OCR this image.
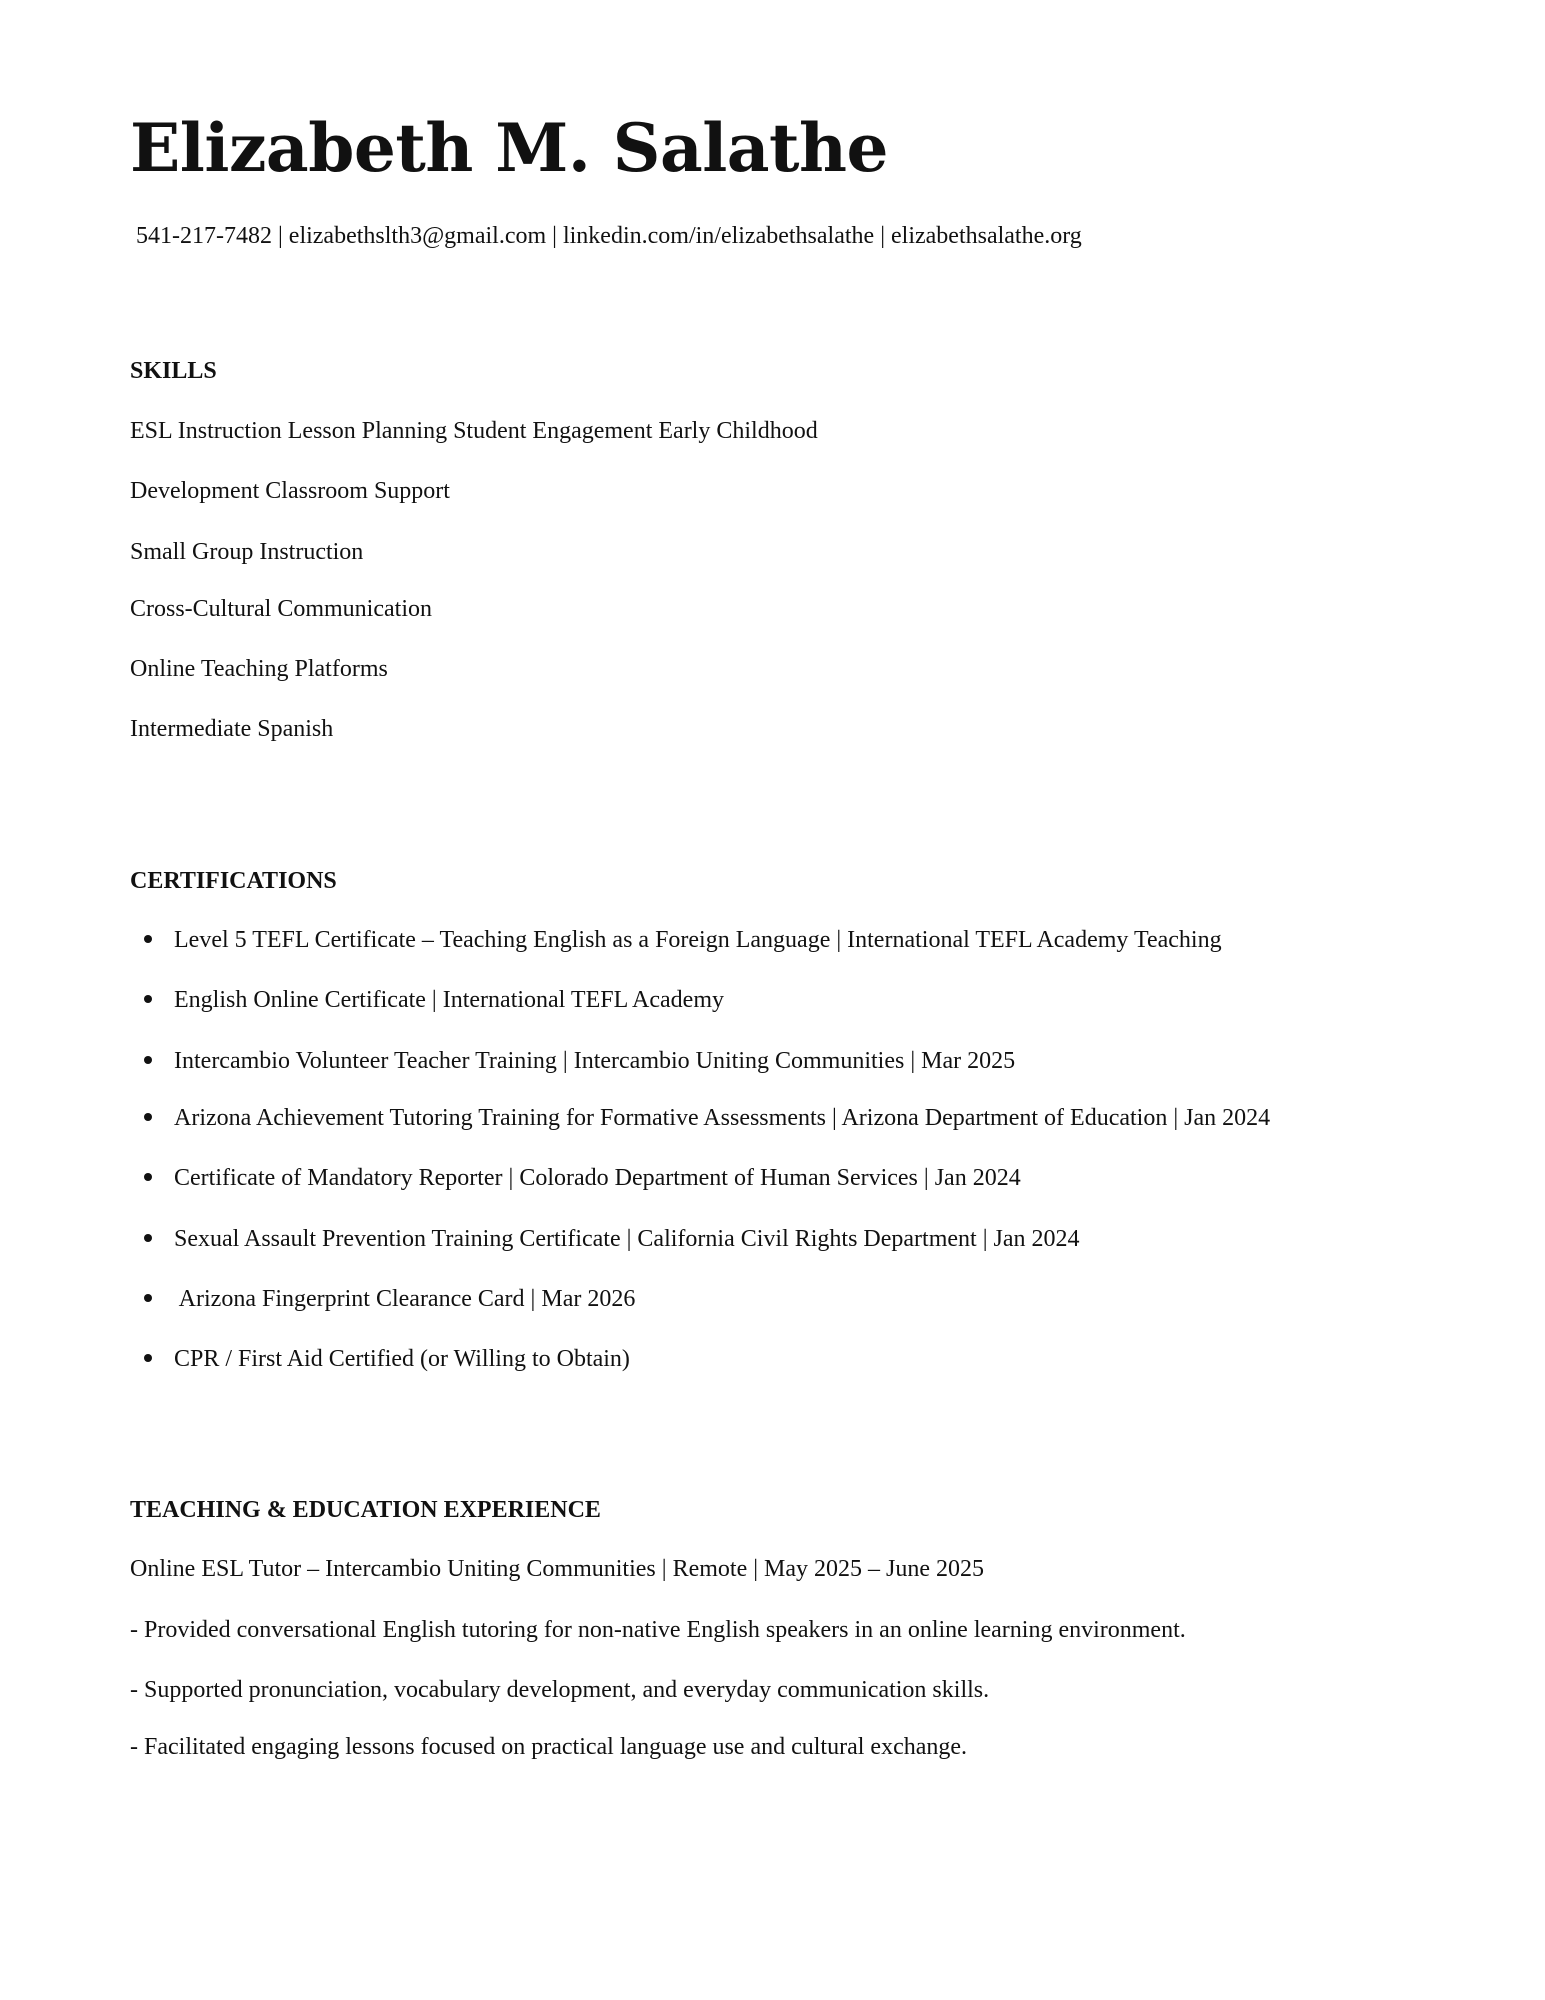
Elizabeth M. Salathe
541-217-7482 | elizabethslth3@gmail.com | linkedin.com/in/elizabethsalathe | elizabethsalathe.org
SKILLS
ESL Instruction Lesson Planning Student Engagement Early Childhood
Development Classroom Support
Small Group Instruction
Cross-Cultural Communication
Online Teaching Platforms
Intermediate Spanish
CERTIFICATIONS
Level 5 TEFL Certificate – Teaching English as a Foreign Language | International TEFL Academy Teaching
English Online Certificate | International TEFL Academy
Intercambio Volunteer Teacher Training | Intercambio Uniting Communities | Mar 2025
Arizona Achievement Tutoring Training for Formative Assessments | Arizona Department of Education | Jan 2024
Certificate of Mandatory Reporter | Colorado Department of Human Services | Jan 2024
Sexual Assault Prevention Training Certificate | California Civil Rights Department | Jan 2024
Arizona Fingerprint Clearance Card | Mar 2026
CPR / First Aid Certified (or Willing to Obtain)
TEACHING & EDUCATION EXPERIENCE
Online ESL Tutor – Intercambio Uniting Communities | Remote | May 2025 – June 2025
- Provided conversational English tutoring for non-native English speakers in an online learning environment.
- Supported pronunciation, vocabulary development, and everyday communication skills.
- Facilitated engaging lessons focused on practical language use and cultural exchange.
